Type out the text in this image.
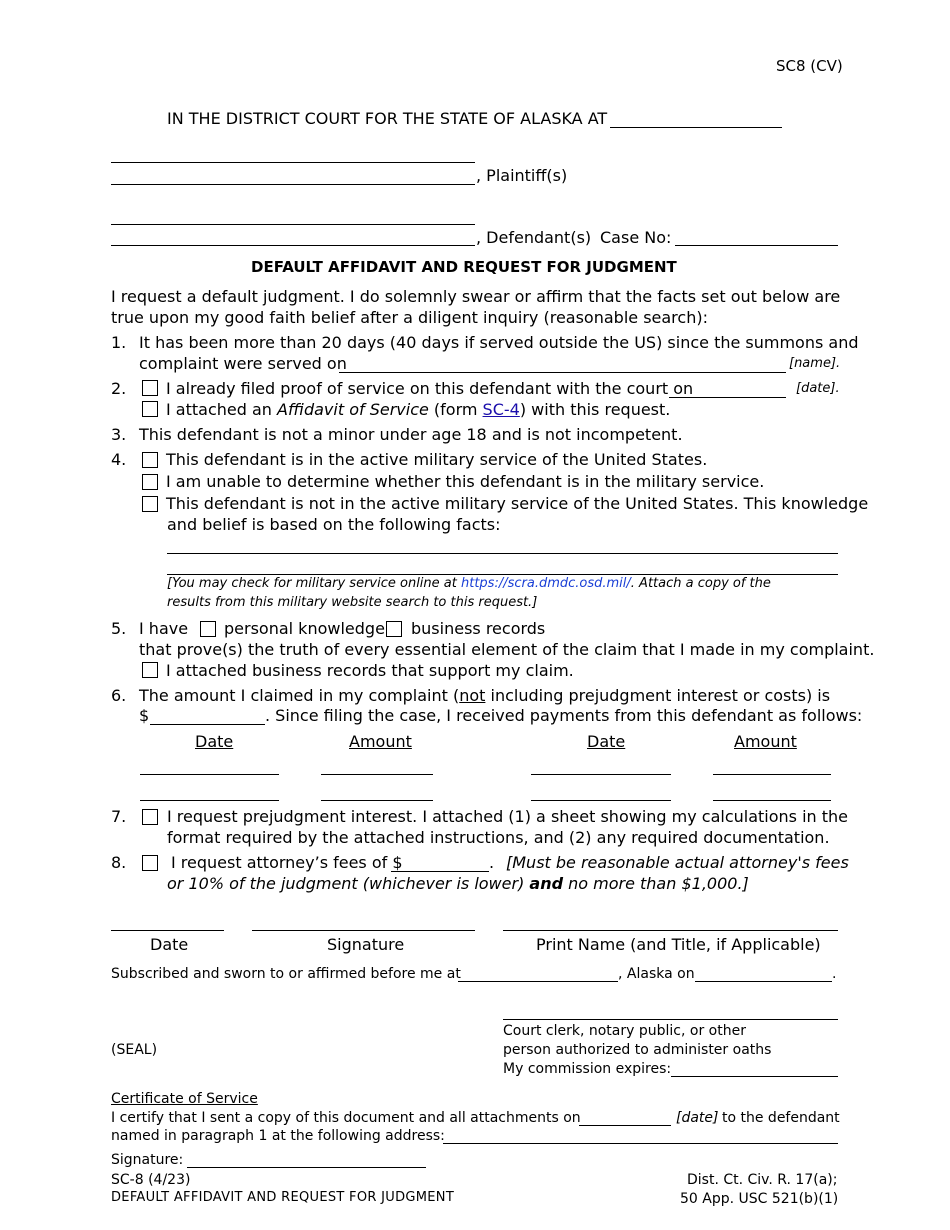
SC8 (CV)
IN THE DISTRICT COURT FOR THE STATE OF ALASKA AT
, Plaintiff(s)
, Defendant(s) Case No:
DEFAULT AFFIDAVIT AND REQUEST FOR JUDGMENT
I request a default judgment. I do solemnly swear or affirm that the facts set out below are
true upon my good faith belief after a diligent inquiry (reasonable search):
1. It has been more than 20 days (40 days if served outside the US) since the summons and
complaint were served on	[name].
2. I already filed proof of service on this defendant with the court on	[date].
I attached an Affidavit of Service (form SC-4) with this request.
3. This defendant is not a minor under age 18 and is not incompetent.
4. This defendant is in the active military service of the United States.
I am unable to determine whether this defendant is in the military service.
This defendant is not in the active military service of the United States. This knowledge
and belief is based on the following facts:
[You may check for military service online at https://scra.dmdc.osd.mil/. Attach a copy of the
results from this military website search to this request.]
5. I have personal knowledge business records
that prove(s) the truth of every essential element of the claim that I made in my complaint.
I attached business records that support my claim.
6. The amount I claimed in my complaint (not including prejudgment interest or costs) is
$	. Since filing the case, I received payments from this defendant as follows:
Date	Amount	Date	Amount
7.	I request prejudgment interest. I attached (1) a sheet showing my calculations in the
format required by the attached instructions, and (2) any required documentation.
8.	I request attorney’s fees of $	. [Must be reasonable actual attorney's fees
or 10% of the judgment (whichever is lower) and no more than $1,000.]
Date	Signature	Print Name (and Title, if Applicable)
Subscribed and sworn to or affirmed before me at	, Alaska on	.
(SEAL)
Court clerk, notary public, or other
person authorized to administer oaths
My commission expires:
Certificate of Service
I certify that I sent a copy of this document and all attachments on	[date] to the defendant
named in paragraph 1 at the following address:
Signature:
SC-8 (4/23)
DEFAULT AFFIDAVIT AND REQUEST FOR JUDGMENT
Dist. Ct. Civ. R. 17(a);
50 App. USC 521(b)(1)
